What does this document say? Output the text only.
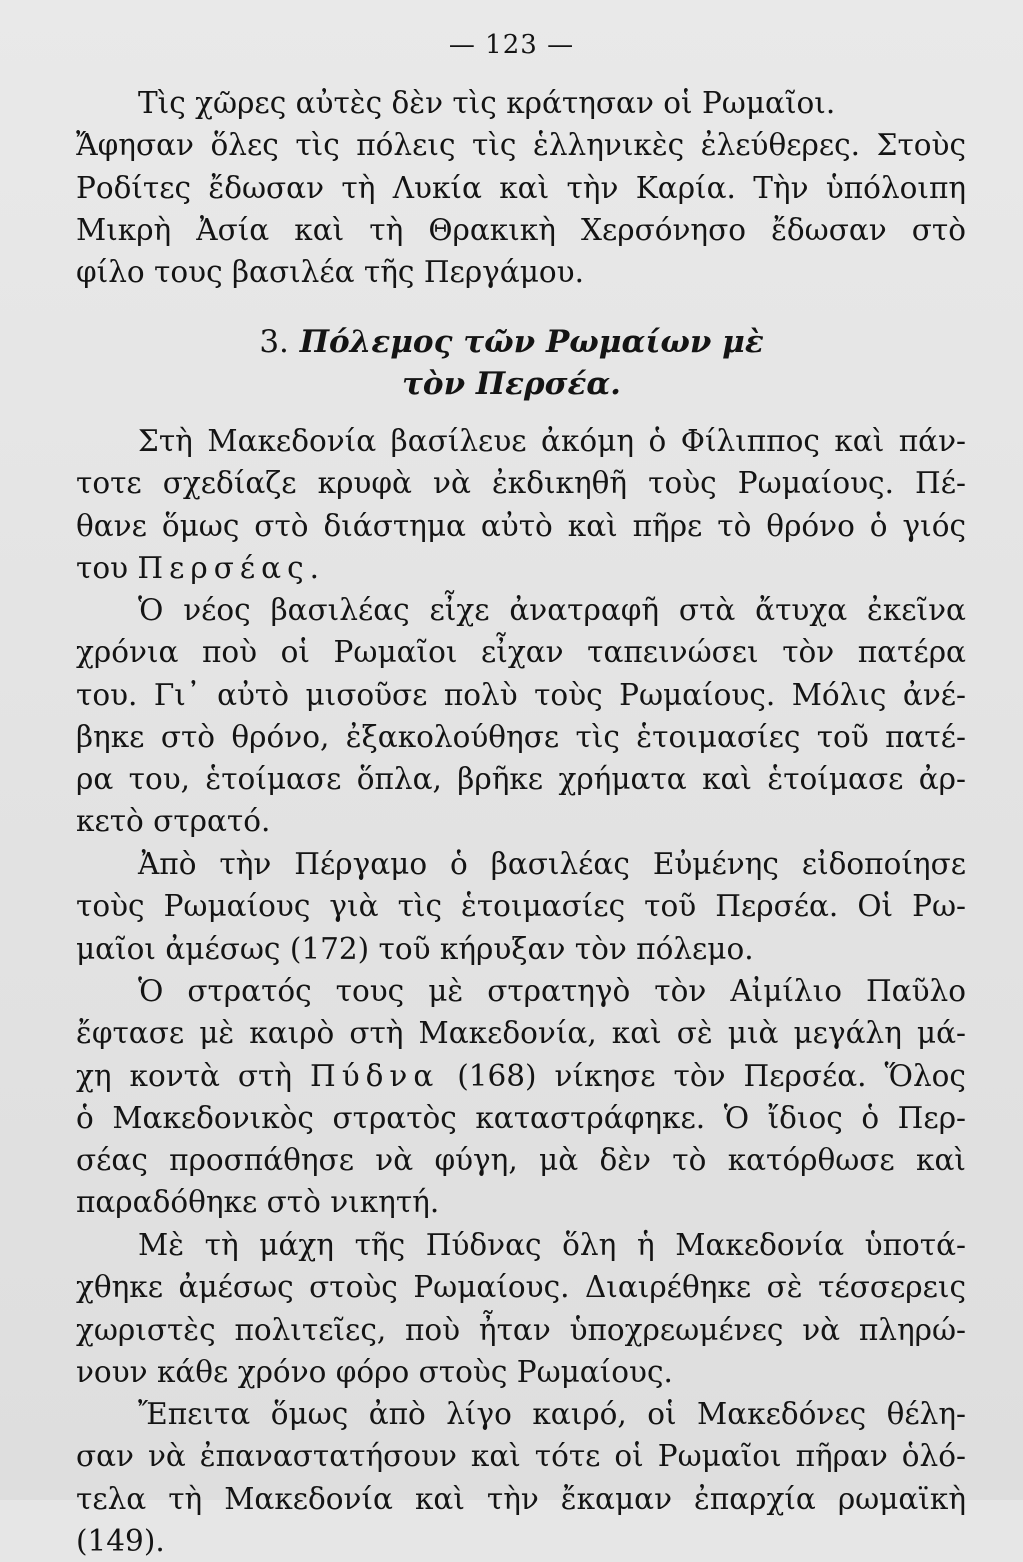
— 123 —

Τὶς χῶρες αὐτὲς δὲν τὶς κράτησαν οἱ Ρωμαῖοι.
Ἄφησαν ὅλες τὶς πόλεις τὶς ἑλληνικὲς ἐλεύθερες. Στοὺς
Ροδίτες ἔδωσαν τὴ Λυκία καὶ τὴν Καρία. Τὴν ὑπόλοιπη
Μικρὴ Ἀσία καὶ τὴ Θρακικὴ Χερσόνησο ἔδωσαν στὸ
φίλο τους βασιλέα τῆς Περγάμου.

3. Πόλεμος τῶν Ρωμαίων μὲ
τὸν Περσέα.

Στὴ Μακεδονία βασίλευε ἀκόμη ὁ Φίλιππος καὶ πάν-
τοτε σχεδίαζε κρυφὰ νὰ ἐκδικηθῆ τοὺς Ρωμαίους. Πέ-
θανε ὅμως στὸ διάστημα αὐτὸ καὶ πῆρε τὸ θρόνο ὁ γιός
του Περσέας.

Ὁ νέος βασιλέας εἶχε ἀνατραφῆ στὰ ἄτυχα ἐκεῖνα
χρόνια ποὺ οἱ Ρωμαῖοι εἶχαν ταπεινώσει τὸν πατέρα
του. Γι᾿ αὐτὸ μισοῦσε πολὺ τοὺς Ρωμαίους. Μόλις ἀνέ-
βηκε στὸ θρόνο, ἐξακολούθησε τὶς ἑτοιμασίες τοῦ πατέ-
ρα του, ἑτοίμασε ὅπλα, βρῆκε χρήματα καὶ ἑτοίμασε ἀρ-
κετὸ στρατό.

Ἀπὸ τὴν Πέργαμο ὁ βασιλέας Εὐμένης εἰδοποίησε
τοὺς Ρωμαίους γιὰ τὶς ἑτοιμασίες τοῦ Περσέα. Οἱ Ρω-
μαῖοι ἀμέσως (172) τοῦ κήρυξαν τὸν πόλεμο.

Ὁ στρατός τους μὲ στρατηγὸ τὸν Αἰμίλιο Παῦλο
ἔφτασε μὲ καιρὸ στὴ Μακεδονία, καὶ σὲ μιὰ μεγάλη μά-
χη κοντὰ στὴ Πύδνα (168) νίκησε τὸν Περσέα. Ὅλος
ὁ Μακεδονικὸς στρατὸς καταστράφηκε. Ὁ ἴδιος ὁ Περ-
σέας προσπάθησε νὰ φύγη, μὰ δὲν τὸ κατόρθωσε καὶ
παραδόθηκε στὸ νικητή.

Μὲ τὴ μάχη τῆς Πύδνας ὅλη ἡ Μακεδονία ὑποτά-
χθηκε ἀμέσως στοὺς Ρωμαίους. Διαιρέθηκε σὲ τέσσερεις
χωριστὲς πολιτεῖες, ποὺ ἦταν ὑποχρεωμένες νὰ πληρώ-
νουν κάθε χρόνο φόρο στοὺς Ρωμαίους.

Ἔπειτα ὅμως ἀπὸ λίγο καιρό, οἱ Μακεδόνες θέλη-
σαν νὰ ἐπαναστατήσουν καὶ τότε οἱ Ρωμαῖοι πῆραν ὁλό-
τελα τὴ Μακεδονία καὶ τὴν ἔκαμαν ἐπαρχία ρωμαϊκὴ
(149).
